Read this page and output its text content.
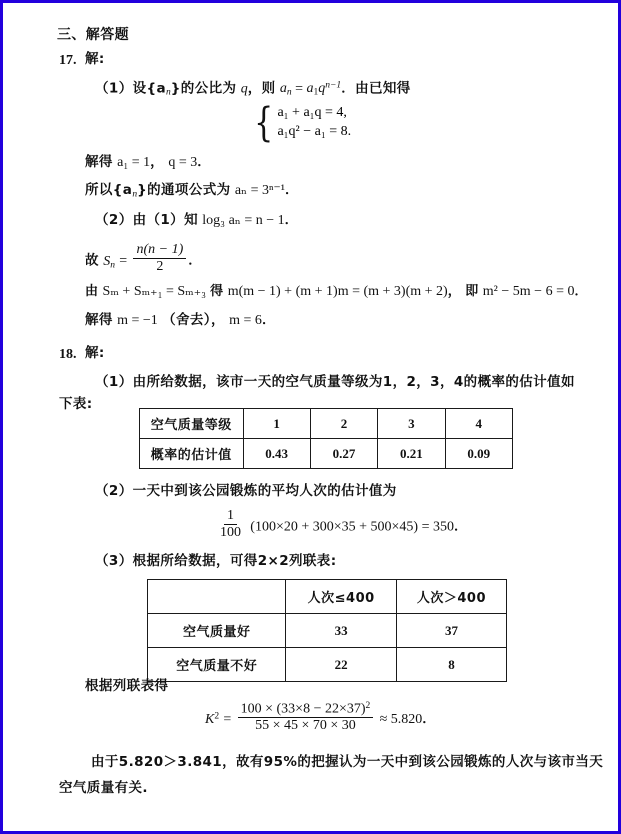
三、解答题
17. 解:
（1）设$\{a_n\}$的公比为 q，则 $a_n = a_1q^{n-1}$．由已知得
{ a₁ + a₁q = 4,
a₁q² − a₁ = 8.
解得 a₁ = 1， q = 3．
所以$\{a_n\}$的通项公式为 aₙ = 3ⁿ⁻¹．
（2）由（1）知 log₃ aₙ = n − 1．
故 $S_n = \frac{n(n - 1)}{2}$ ．
由 Sₘ + Sₘ₊₁ = Sₘ₊₃ 得 m(m − 1) + (m + 1)m = (m + 3)(m + 2)， 即 m² − 5m − 6 = 0．
解得 m = −1 （舍去）， m = 6．
18. 解:
（1）由所给数据，该市一天的空气质量等级为1，2，3，4的概率的估计值如
下表:
空气质量等级	1	2	3	4
概率的估计值	0.43	0.27	0.21	0.09
（2）一天中到该公园锻炼的平均人次的估计值为
$\frac{1}{100} (100\times 20 + 300\times 35 + 500\times 45) = 350$．
（3）根据所给数据，可得2×2列联表:
	人次≤400	人次＞400
空气质量好	33	37
空气质量不好	22	8
根据列联表得
$K^2 = \frac{100 \times (33\times 8 - 22\times 37)^2}{55 \times 45 \times 70 \times 30} \approx 5.820$．
由于5.820＞3.841，故有95%的把握认为一天中到该公园锻炼的人次与该市当天
空气质量有关.
